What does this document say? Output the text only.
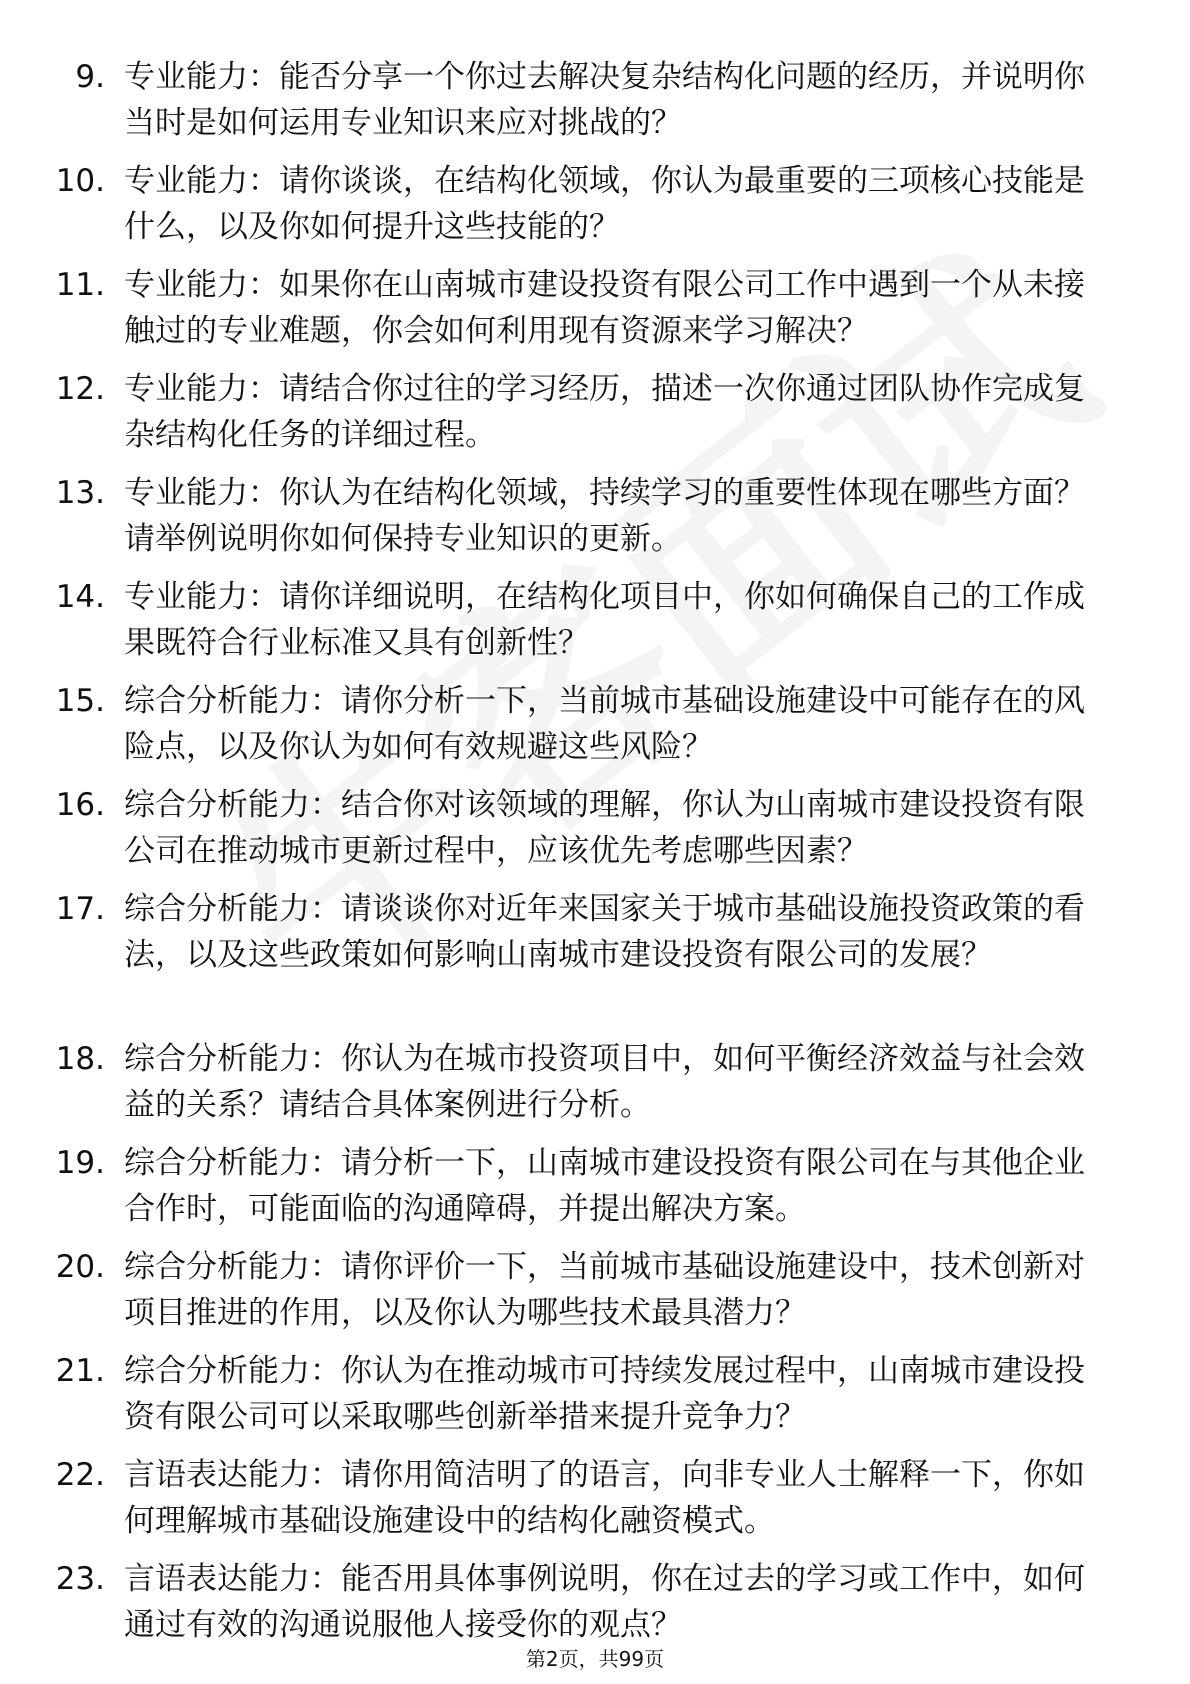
9. 专业能力：能否分享一个你过去解决复杂结构化问题的经历，并说明你当时是如何运用专业知识来应对挑战的？
10. 专业能力：请你谈谈，在结构化领域，你认为最重要的三项核心技能是什么，以及你如何提升这些技能的？
11. 专业能力：如果你在山南城市建设投资有限公司工作中遇到一个从未接触过的专业难题，你会如何利用现有资源来学习解决？
12. 专业能力：请结合你过往的学习经历，描述一次你通过团队协作完成复杂结构化任务的详细过程。
13. 专业能力：你认为在结构化领域，持续学习的重要性体现在哪些方面？请举例说明你如何保持专业知识的更新。
14. 专业能力：请你详细说明，在结构化项目中，你如何确保自己的工作成果既符合行业标准又具有创新性？
15. 综合分析能力：请你分析一下，当前城市基础设施建设中可能存在的风险点，以及你认为如何有效规避这些风险？
16. 综合分析能力：结合你对该领域的理解，你认为山南城市建设投资有限公司在推动城市更新过程中，应该优先考虑哪些因素？
17. 综合分析能力：请谈谈你对近年来国家关于城市基础设施投资政策的看法，以及这些政策如何影响山南城市建设投资有限公司的发展？
18. 综合分析能力：你认为在城市投资项目中，如何平衡经济效益与社会效益的关系？请结合具体案例进行分析。
19. 综合分析能力：请分析一下，山南城市建设投资有限公司在与其他企业合作时，可能面临的沟通障碍，并提出解决方案。
20. 综合分析能力：请你评价一下，当前城市基础设施建设中，技术创新对项目推进的作用，以及你认为哪些技术最具潜力？
21. 综合分析能力：你认为在推动城市可持续发展过程中，山南城市建设投资有限公司可以采取哪些创新举措来提升竞争力？
22. 言语表达能力：请你用简洁明了的语言，向非专业人士解释一下，你如何理解城市基础设施建设中的结构化融资模式。
23. 言语表达能力：能否用具体事例说明，你在过去的学习或工作中，如何通过有效的沟通说服他人接受你的观点？
第2页，共99页
